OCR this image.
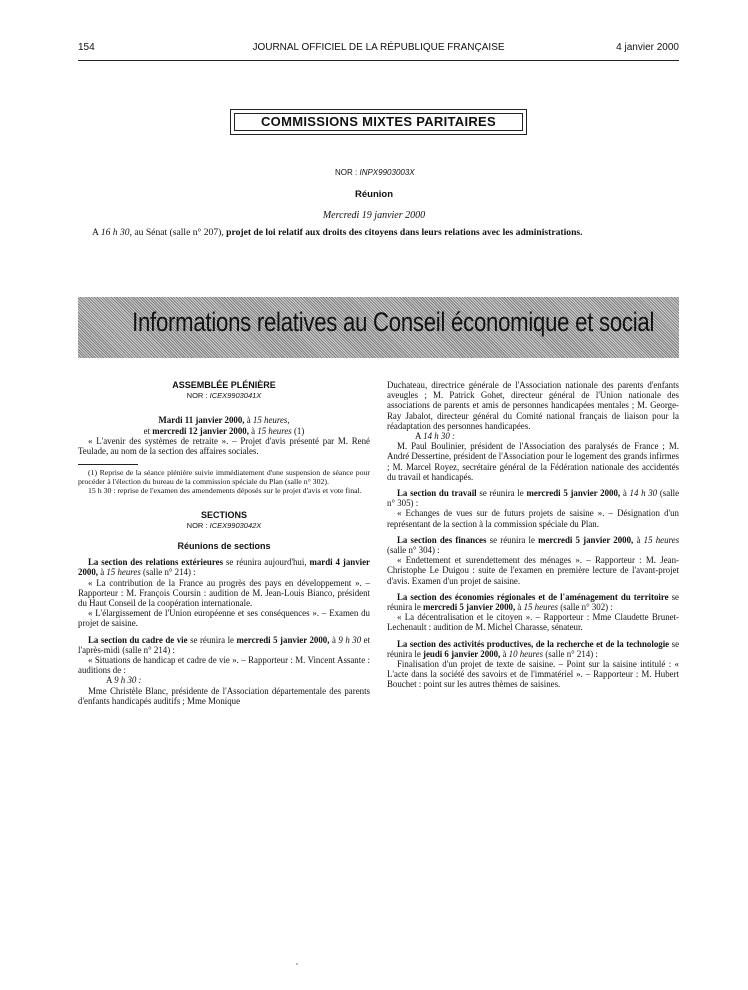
154	JOURNAL OFFICIEL DE LA RÉPUBLIQUE FRANÇAISE	4 janvier 2000
COMMISSIONS MIXTES PARITAIRES
NOR : INPX9903003X
Réunion
Mercredi 19 janvier 2000
A 16 h 30, au Sénat (salle n° 207), projet de loi relatif aux droits des citoyens dans leurs relations avec les administrations.
Informations relatives au Conseil économique et social
ASSEMBLÉE PLÉNIÈRE
NOR : ICEX9903041X

Mardi 11 janvier 2000, à 15 heures,

et mercredi 12 janvier 2000, à 15 heures (1)

« L'avenir des systèmes de retraite ». – Projet d'avis présenté par M. René Teulade, au nom de la section des affaires sociales.

(1) Reprise de la séance plénière suivie immédiatement d'une suspension de séance pour procéder à l'élection du bureau de la commission spéciale du Plan (salle n° 302).

15 h 30 : reprise de l'examen des amendements déposés sur le projet d'avis et vote final.

SECTIONS
NOR : ICEX9903042X
Réunions de sections

La section des relations extérieures se réunira aujourd'hui, mardi 4 janvier 2000, à 15 heures (salle n° 214) :

« La contribution de la France au progrès des pays en développement ». – Rapporteur : M. François Coursin : audition de M. Jean-Louis Bianco, président du Haut Conseil de la coopération internationale.

« L'élargissement de l'Union européenne et ses conséquences ». – Examen du projet de saisine.

La section du cadre de vie se réunira le mercredi 5 janvier 2000, à 9 h 30 et l'après-midi (salle n° 214) :

« Situations de handicap et cadre de vie ». – Rapporteur : M. Vincent Assante : auditions de :

A 9 h 30 :

Mme Christèle Blanc, présidente de l'Association départementale des parents d'enfants handicapés auditifs ; Mme Monique

Duchateau, directrice générale de l'Association nationale des parents d'enfants aveugles ; M. Patrick Gohet, directeur général de l'Union nationale des associations de parents et amis de personnes handicapées mentales ; M. George-Ray Jabalot, directeur général du Comité national français de liaison pour la réadaptation des personnes handicapées.

A 14 h 30 :

M. Paul Boulinier, président de l'Association des paralysés de France ; M. André Dessertine, président de l'Association pour le logement des grands infirmes ; M. Marcel Royez, secrétaire général de la Fédération nationale des accidentés du travail et handicapés.

La section du travail se réunira le mercredi 5 janvier 2000, à 14 h 30 (salle n° 305) :

« Echanges de vues sur de futurs projets de saisine ». – Désignation d'un représentant de la section à la commission spéciale du Plan.

La section des finances se réunira le mercredi 5 janvier 2000, à 15 heures (salle n° 304) :

« Endettement et surendettement des ménages ». – Rapporteur : M. Jean-Christophe Le Duigou : suite de l'examen en première lecture de l'avant-projet d'avis. Examen d'un projet de saisine.

La section des économies régionales et de l'aménagement du territoire se réunira le mercredi 5 janvier 2000, à 15 heures (salle n° 302) :

« La décentralisation et le citoyen ». – Rapporteur : Mme Claudette Brunet-Lechenault : audition de M. Michel Charasse, sénateur.

La section des activités productives, de la recherche et de la technologie se réunira le jeudi 6 janvier 2000, à 10 heures (salle n° 214) :

Finalisation d'un projet de texte de saisine. – Point sur la saisine intitulé : « L'acte dans la société des savoirs et de l'immatériel ». – Rapporteur : M. Hubert Bouchet : point sur les autres thèmes de saisines.
